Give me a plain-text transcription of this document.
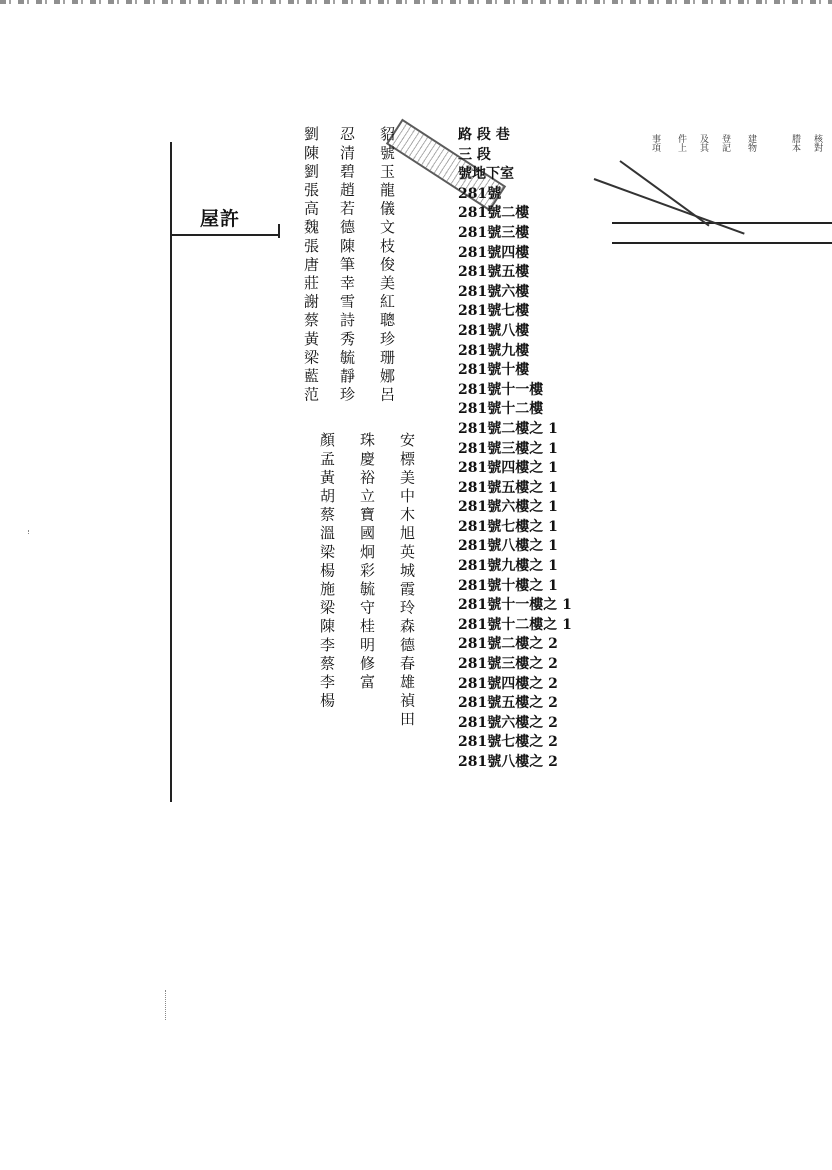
屋許	劉陳劉張高魏張唐莊謝蔡黃梁藍范
顏孟黃胡蔡溫梁楊施梁陳李蔡李楊
忍清碧趙若德陳筆幸雪詩秀毓靜珍
珠慶裕立寶國炯彩毓守桂明修富
貂號玉龍儀文枝俊美紅聰珍珊娜呂
安標美中木旭英城霞玲森德春雄禎田
路 段 巷
三 段
號地下室
281號
281號二樓
281號三樓
281號四樓
281號五樓
281號六樓
281號七樓
281號八樓
281號九樓
281號十樓
281號十一樓
281號十二樓
281號二樓之 1
281號三樓之 1
281號四樓之 1
281號五樓之 1
281號六樓之 1
281號七樓之 1
281號八樓之 1
281號九樓之 1
281號十樓之 1
281號十一樓之 1
281號十二樓之 1
281號二樓之 2
281號三樓之 2
281號四樓之 2
281號五樓之 2
281號六樓之 2
281號七樓之 2
281號八樓之 2
事項 件上 及其 登記 建物	謄本 核對
